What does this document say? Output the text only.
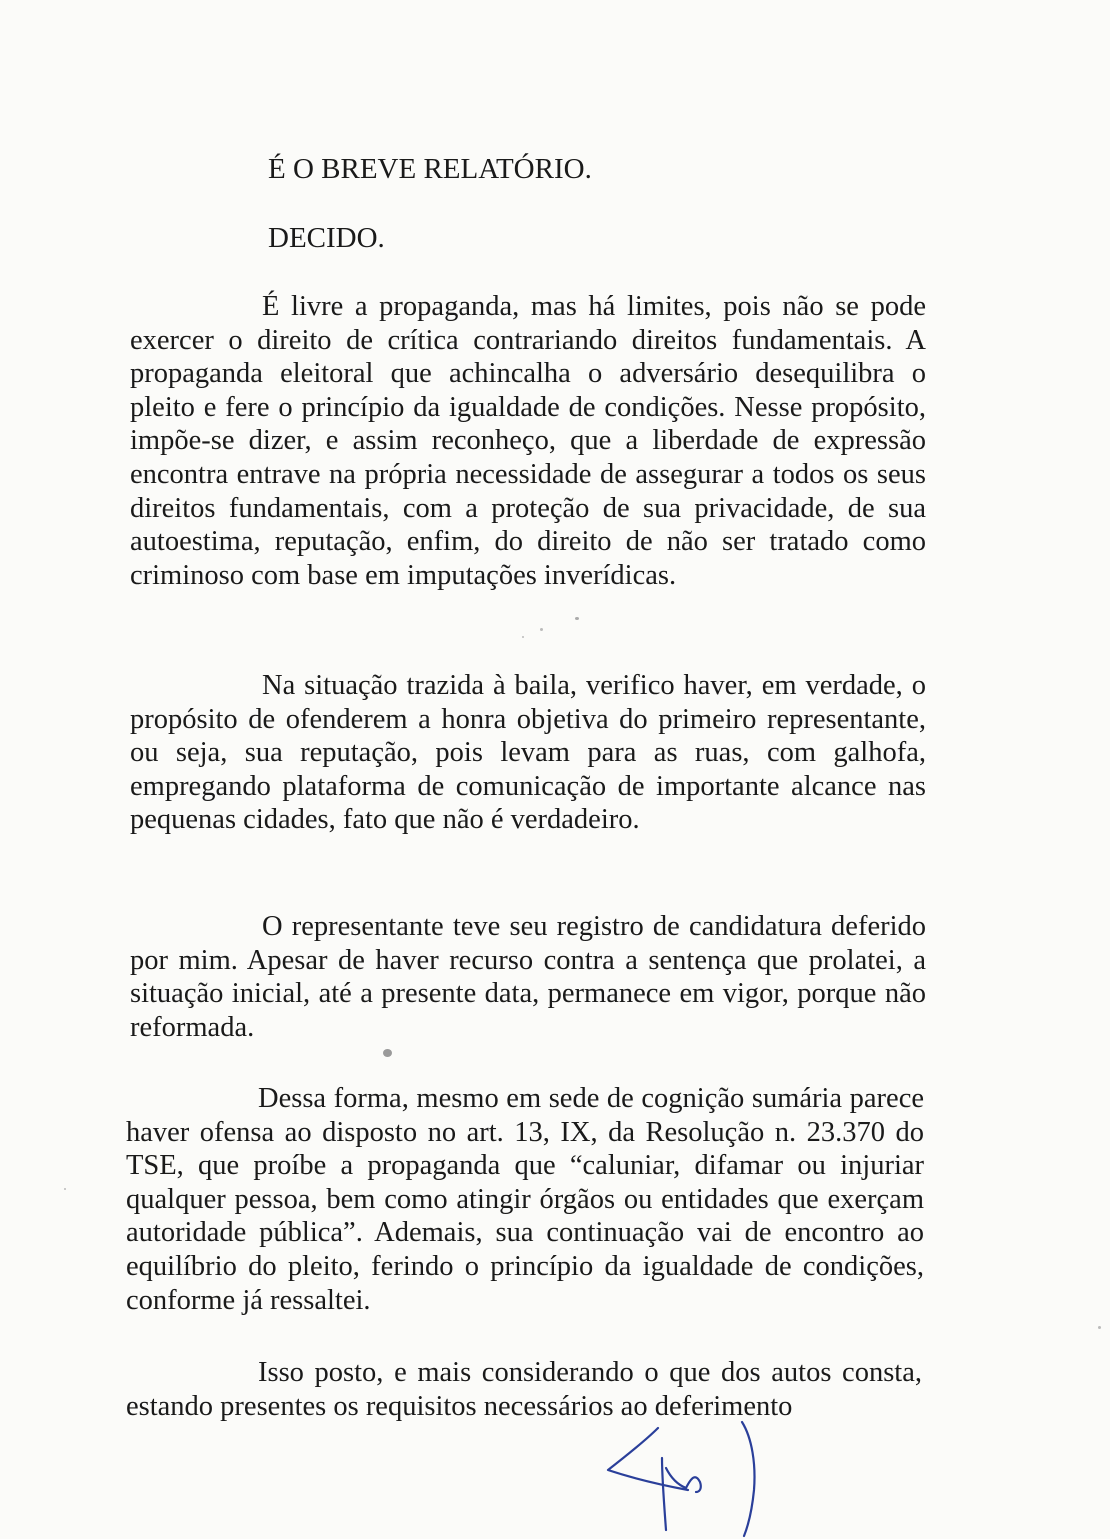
É O BREVE RELATÓRIO.
DECIDO.

É livre a propaganda, mas há limites, pois não se pode exercer o direito de crítica contrariando direitos fundamentais. A propaganda eleitoral que achincalha o adversário desequilibra o pleito e fere o princípio da igualdade de condições. Nesse propósito, impõe-se dizer, e assim reconheço, que a liberdade de expressão encontra entrave na própria necessidade de assegurar a todos os seus direitos fundamentais, com a proteção de sua privacidade, de sua autoestima, reputação, enfim, do direito de não ser tratado como criminoso com base em imputações inverídicas.

Na situação trazida à baila, verifico haver, em verdade, o propósito de ofenderem a honra objetiva do primeiro representante, ou seja, sua reputação, pois levam para as ruas, com galhofa, empregando plataforma de comunicação de importante alcance nas pequenas cidades, fato que não é verdadeiro.

O representante teve seu registro de candidatura deferido por mim. Apesar de haver recurso contra a sentença que prolatei, a situação inicial, até a presente data, permanece em vigor, porque não reformada.

Dessa forma, mesmo em sede de cognição sumária parece haver ofensa ao disposto no art. 13, IX, da Resolução n. 23.370 do TSE, que proíbe a propaganda que “caluniar, difamar ou injuriar qualquer pessoa, bem como atingir órgãos ou entidades que exerçam autoridade pública”. Ademais, sua continuação vai de encontro ao equilíbrio do pleito, ferindo o princípio da igualdade de condições, conforme já ressaltei.

Isso posto, e mais considerando o que dos autos consta, estando presentes os requisitos necessários ao deferimento
